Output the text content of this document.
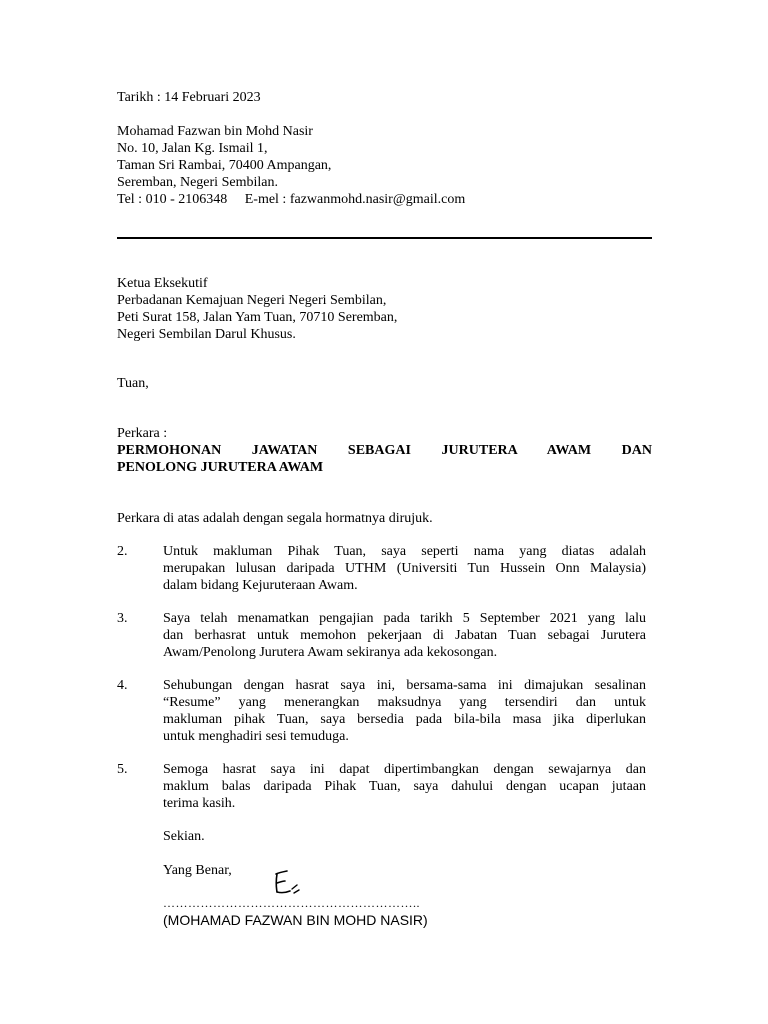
Tarikh : 14 Februari 2023
Mohamad Fazwan bin Mohd Nasir
No. 10, Jalan Kg. Ismail 1,
Taman Sri Rambai, 70400 Ampangan,
Seremban, Negeri Sembilan.
Tel : 010 - 2106348     E-mel : fazwanmohd.nasir@gmail.com
Ketua Eksekutif
Perbadanan Kemajuan Negeri Negeri Sembilan,
Peti Surat 158, Jalan Yam Tuan, 70710 Seremban,
Negeri Sembilan Darul Khusus.
Tuan,
Perkara :
PERMOHONAN JAWATAN SEBAGAI JURUTERA AWAM DAN
PENOLONG JURUTERA AWAM
Perkara di atas adalah dengan segala hormatnya dirujuk.
2.	Untuk makluman Pihak Tuan, saya seperti nama yang diatas adalah
merupakan lulusan daripada UTHM (Universiti Tun Hussein Onn Malaysia)
dalam bidang Kejuruteraan Awam.
3.	Saya telah menamatkan pengajian pada tarikh 5 September 2021 yang lalu
dan berhasrat untuk memohon pekerjaan di Jabatan Tuan sebagai Jurutera
Awam/Penolong Jurutera Awam sekiranya ada kekosongan.
4.	Sehubungan dengan hasrat saya ini, bersama-sama ini dimajukan sesalinan
“Resume” yang menerangkan maksudnya yang tersendiri dan untuk
makluman pihak Tuan, saya bersedia pada bila-bila masa jika diperlukan
untuk menghadiri sesi temuduga.
5.	Semoga hasrat saya ini dapat dipertimbangkan dengan sewajarnya dan
maklum balas daripada Pihak Tuan, saya dahului dengan ucapan jutaan
terima kasih.
Sekian.
Yang Benar,
……………………………………………………..
(MOHAMAD FAZWAN BIN MOHD NASIR)
